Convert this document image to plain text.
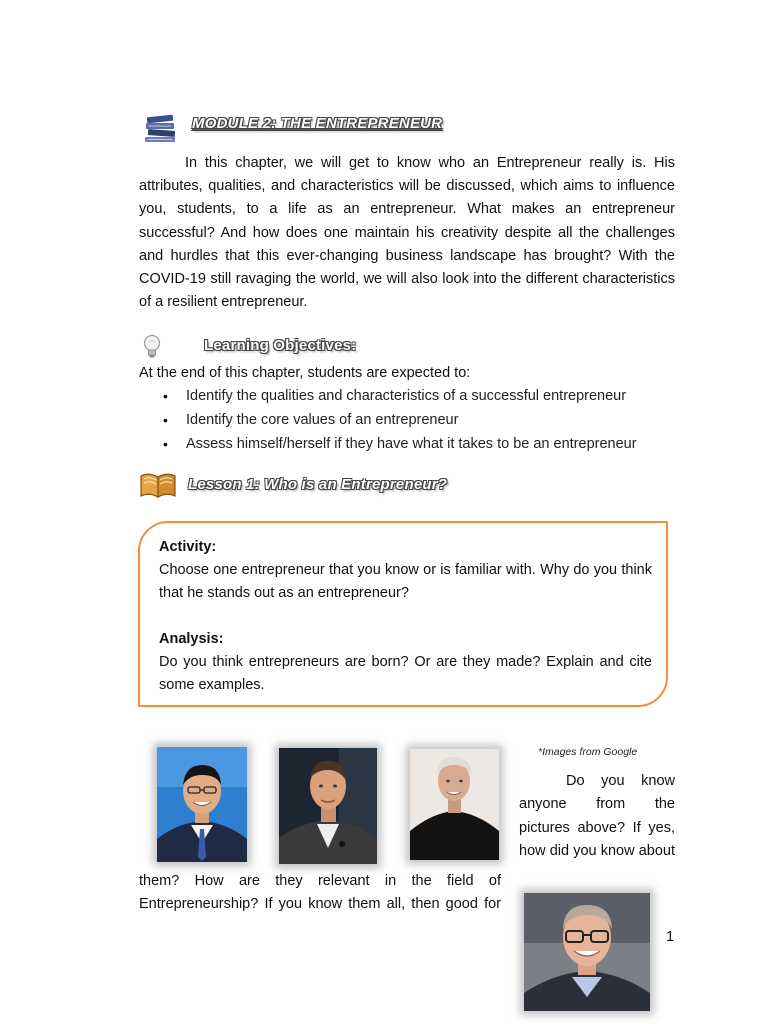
MODULE 2: THE ENTREPRENEUR
In this chapter, we will get to know who an Entrepreneur really is. His attributes, qualities, and characteristics will be discussed, which aims to influence you, students, to a life as an entrepreneur. What makes an entrepreneur successful? And how does one maintain his creativity despite all the challenges and hurdles that this ever-changing business landscape has brought? With the COVID-19 still ravaging the world, we will also look into the different characteristics of a resilient entrepreneur.
Learning Objectives:
At the end of this chapter, students are expected to:
• Identify the qualities and characteristics of a successful entrepreneur
• Identify the core values of an entrepreneur
• Assess himself/herself if they have what it takes to be an entrepreneur
Lesson 1: Who is an Entrepreneur?
Activity:
Choose one entrepreneur that you know or is familiar with. Why do you think that he stands out as an entrepreneur?
Analysis:
Do you think entrepreneurs are born? Or are they made? Explain and cite some examples.
*Images from Google
Do you know
anyone from the
pictures above? If yes,
how did you know about
them? How are they relevant in the field of
Entrepreneurship? If you know them all, then good for
1
